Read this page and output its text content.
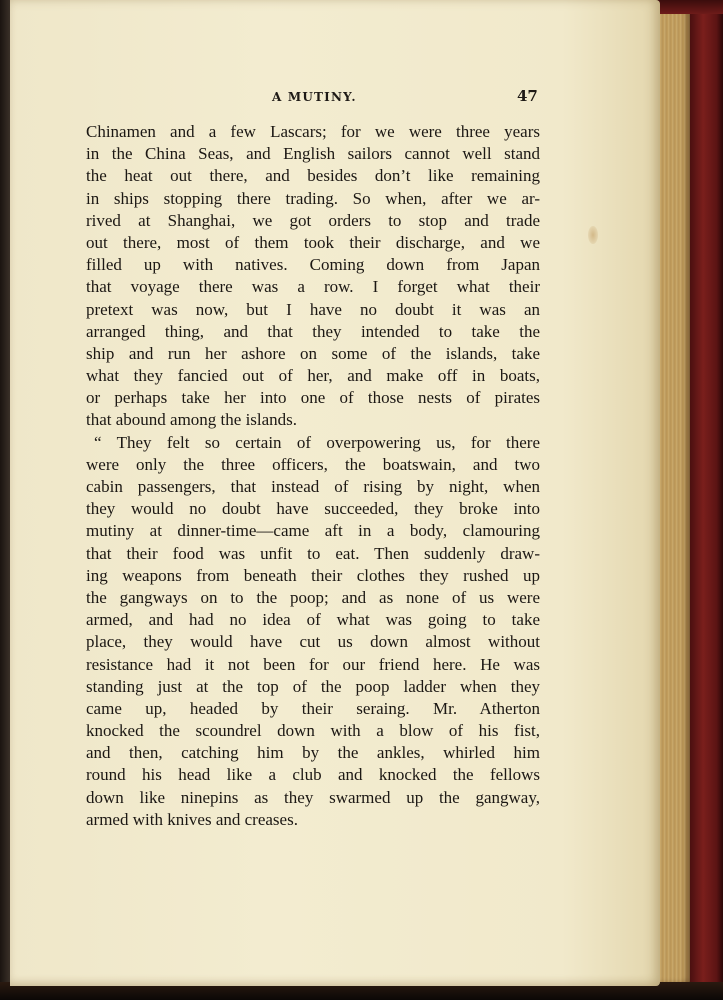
A MUTINY.	47
Chinamen and a few Lascars; for we were three years
in the China Seas, and English sailors cannot well stand
the heat out there, and besides don’t like remaining
in ships stopping there trading. So when, after we ar-
rived at Shanghai, we got orders to stop and trade
out there, most of them took their discharge, and we
filled up with natives. Coming down from Japan
that voyage there was a row. I forget what their
pretext was now, but I have no doubt it was an
arranged thing, and that they intended to take the
ship and run her ashore on some of the islands, take
what they fancied out of her, and make off in boats,
or perhaps take her into one of those nests of pirates
that abound among the islands.
“ They felt so certain of overpowering us, for there
were only the three officers, the boatswain, and two
cabin passengers, that instead of rising by night, when
they would no doubt have succeeded, they broke into
mutiny at dinner-time—came aft in a body, clamouring
that their food was unfit to eat. Then suddenly draw-
ing weapons from beneath their clothes they rushed up
the gangways on to the poop; and as none of us were
armed, and had no idea of what was going to take
place, they would have cut us down almost without
resistance had it not been for our friend here. He was
standing just at the top of the poop ladder when they
came up, headed by their seraing. Mr. Atherton
knocked the scoundrel down with a blow of his fist,
and then, catching him by the ankles, whirled him
round his head like a club and knocked the fellows
down like ninepins as they swarmed up the gangway,
armed with knives and creases.
